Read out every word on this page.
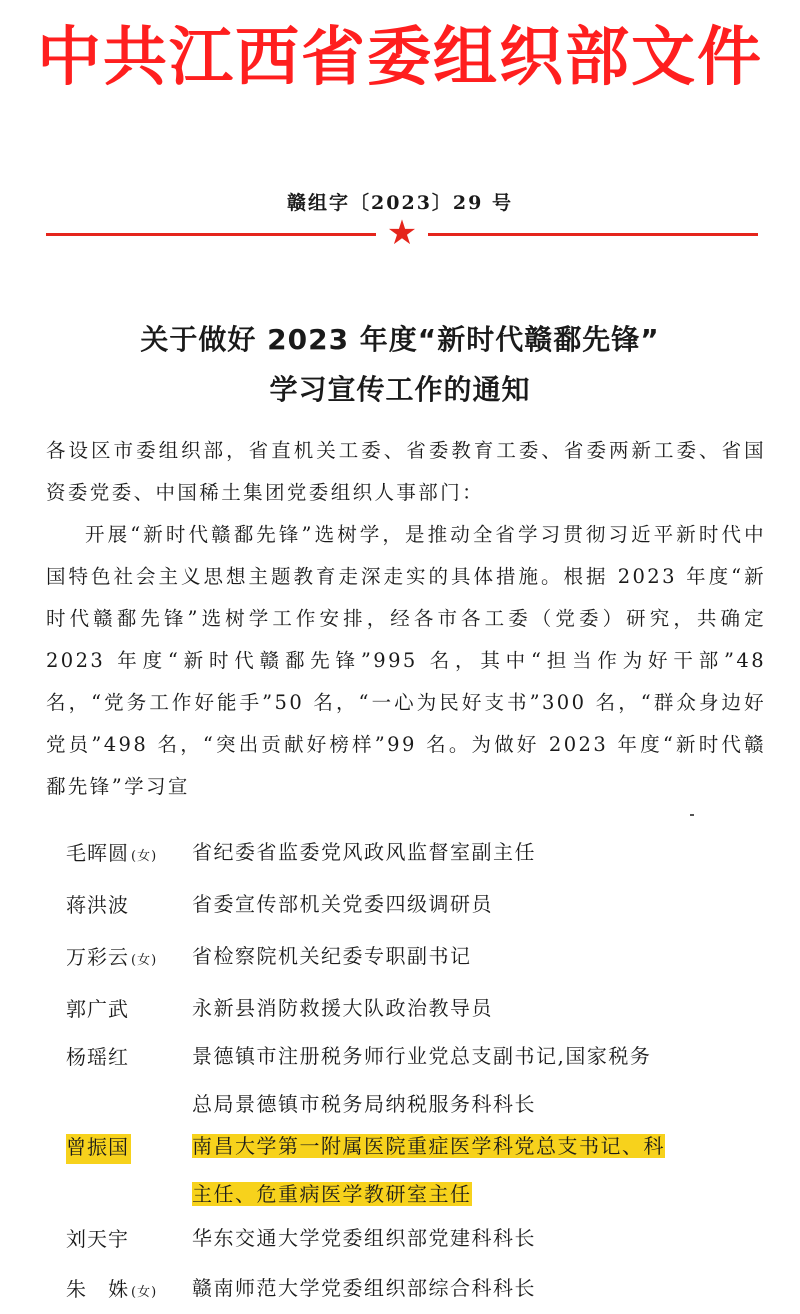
中共江西省委组织部文件
赣组字〔2023〕29 号
★
关于做好 2023 年度“新时代赣鄱先锋”
学习宣传工作的通知

各设区市委组织部，省直机关工委、省委教育工委、省委两新工委、省国资委党委、中国稀土集团党委组织人事部门：

开展“新时代赣鄱先锋”选树学，是推动全省学习贯彻习近平新时代中国特色社会主义思想主题教育走深走实的具体措施。根据 2023 年度“新时代赣鄱先锋”选树学工作安排，经各市各工委（党委）研究，共确定 2023 年度“新时代赣鄱先锋”995 名，其中“担当作为好干部”48 名，“党务工作好能手”50 名，“一心为民好支书”300 名，“群众身边好党员”498 名，“突出贡献好榜样”99 名。为做好 2023 年度“新时代赣鄱先锋”学习宣

毛晖圆 (女) 省纪委省监委党风政风监督室副主任
蒋洪波	省委宣传部机关党委四级调研员
万彩云 (女) 省检察院机关纪委专职副书记
郭广武	永新县消防救援大队政治教导员
杨瑶红	景德镇市注册税务师行业党总支副书记,国家税务
总局景德镇市税务局纳税服务科科长
曾振国	南昌大学第一附属医院重症医学科党总支书记、科
主任、危重病医学教研室主任
刘天宇	华东交通大学党委组织部党建科科长
朱　姝 (女) 赣南师范大学党委组织部综合科科长
